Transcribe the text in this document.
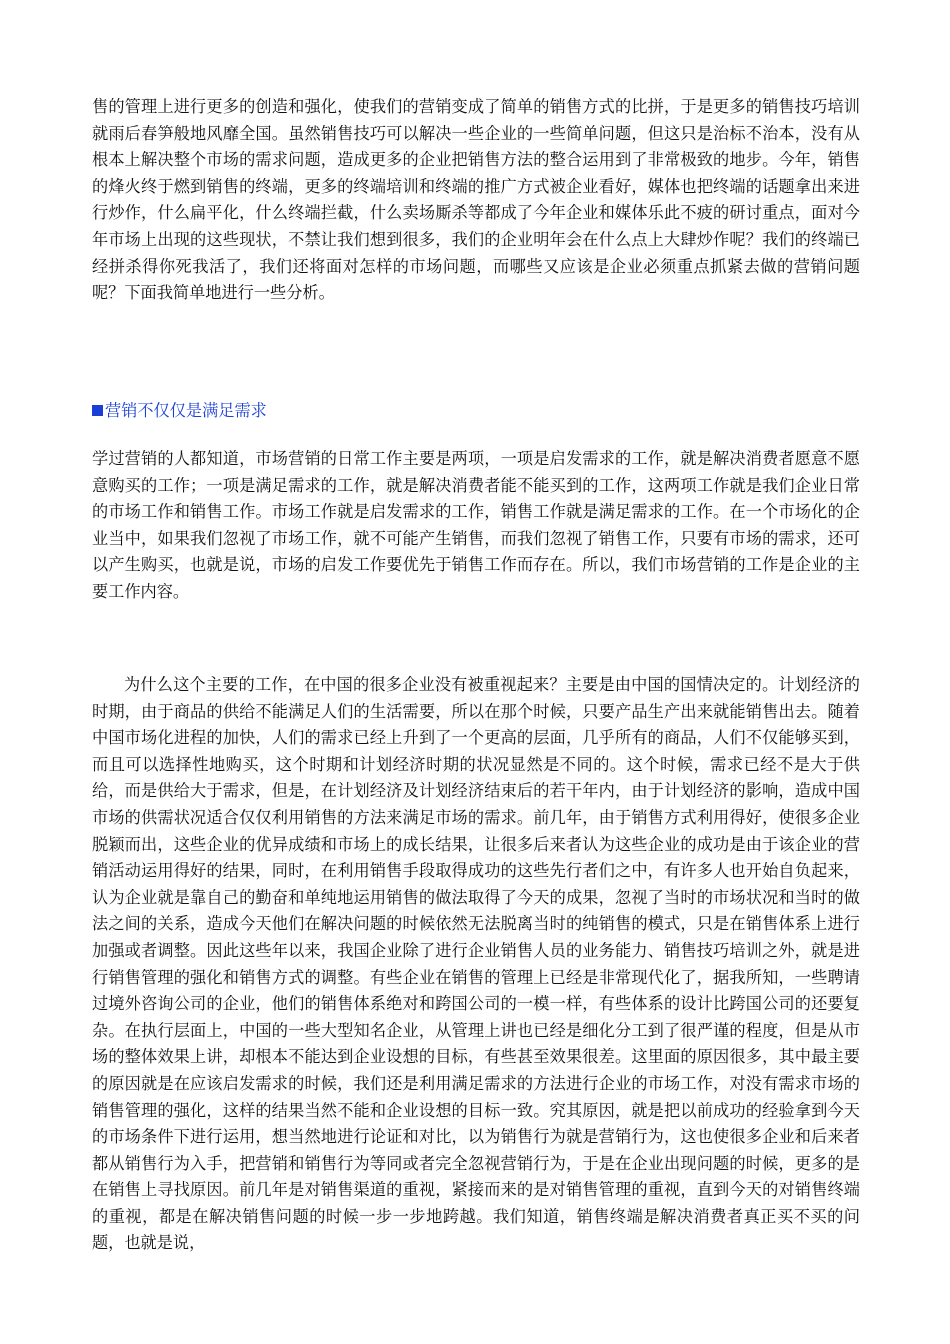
售的管理上进行更多的创造和强化，使我们的营销变成了简单的销售方式的比拼，于是更多的销售技巧培训就雨后春笋般地风靡全国。虽然销售技巧可以解决一些企业的一些简单问题，但这只是治标不治本，没有从根本上解决整个市场的需求问题，造成更多的企业把销售方法的整合运用到了非常极致的地步。今年，销售的烽火终于燃到销售的终端，更多的终端培训和终端的推广方式被企业看好，媒体也把终端的话题拿出来进行炒作，什么扁平化，什么终端拦截，什么卖场厮杀等都成了今年企业和媒体乐此不疲的研讨重点，面对今年市场上出现的这些现状，不禁让我们想到很多，我们的企业明年会在什么点上大肆炒作呢？我们的终端已经拼杀得你死我活了，我们还将面对怎样的市场问题，而哪些又应该是企业必须重点抓紧去做的营销问题呢？下面我简单地进行一些分析。

营销不仅仅是满足需求

学过营销的人都知道，市场营销的日常工作主要是两项，一项是启发需求的工作，就是解决消费者愿意不愿意购买的工作；一项是满足需求的工作，就是解决消费者能不能买到的工作，这两项工作就是我们企业日常的市场工作和销售工作。市场工作就是启发需求的工作，销售工作就是满足需求的工作。在一个市场化的企业当中，如果我们忽视了市场工作，就不可能产生销售，而我们忽视了销售工作，只要有市场的需求，还可以产生购买，也就是说，市场的启发工作要优先于销售工作而存在。所以，我们市场营销的工作是企业的主要工作内容。

为什么这个主要的工作，在中国的很多企业没有被重视起来？主要是由中国的国情决定的。计划经济的时期，由于商品的供给不能满足人们的生活需要，所以在那个时候，只要产品生产出来就能销售出去。随着中国市场化进程的加快，人们的需求已经上升到了一个更高的层面，几乎所有的商品，人们不仅能够买到，而且可以选择性地购买，这个时期和计划经济时期的状况显然是不同的。这个时候，需求已经不是大于供给，而是供给大于需求，但是，在计划经济及计划经济结束后的若干年内，由于计划经济的影响，造成中国市场的供需状况适合仅仅利用销售的方法来满足市场的需求。前几年，由于销售方式利用得好，使很多企业脱颖而出，这些企业的优异成绩和市场上的成长结果，让很多后来者认为这些企业的成功是由于该企业的营销活动运用得好的结果，同时，在利用销售手段取得成功的这些先行者们之中，有许多人也开始自负起来，认为企业就是靠自己的勤奋和单纯地运用销售的做法取得了今天的成果，忽视了当时的市场状况和当时的做法之间的关系，造成今天他们在解决问题的时候依然无法脱离当时的纯销售的模式，只是在销售体系上进行加强或者调整。因此这些年以来，我国企业除了进行企业销售人员的业务能力、销售技巧培训之外，就是进行销售管理的强化和销售方式的调整。有些企业在销售的管理上已经是非常现代化了，据我所知，一些聘请过境外咨询公司的企业，他们的销售体系绝对和跨国公司的一模一样，有些体系的设计比跨国公司的还要复杂。在执行层面上，中国的一些大型知名企业，从管理上讲也已经是细化分工到了很严谨的程度，但是从市场的整体效果上讲，却根本不能达到企业设想的目标，有些甚至效果很差。这里面的原因很多，其中最主要的原因就是在应该启发需求的时候，我们还是利用满足需求的方法进行企业的市场工作，对没有需求市场的销售管理的强化，这样的结果当然不能和企业设想的目标一致。究其原因，就是把以前成功的经验拿到今天的市场条件下进行运用，想当然地进行论证和对比，以为销售行为就是营销行为，这也使很多企业和后来者都从销售行为入手，把营销和销售行为等同或者完全忽视营销行为，于是在企业出现问题的时候，更多的是在销售上寻找原因。前几年是对销售渠道的重视，紧接而来的是对销售管理的重视，直到今天的对销售终端的重视，都是在解决销售问题的时候一步一步地跨越。我们知道，销售终端是解决消费者真正买不买的问题，也就是说，
